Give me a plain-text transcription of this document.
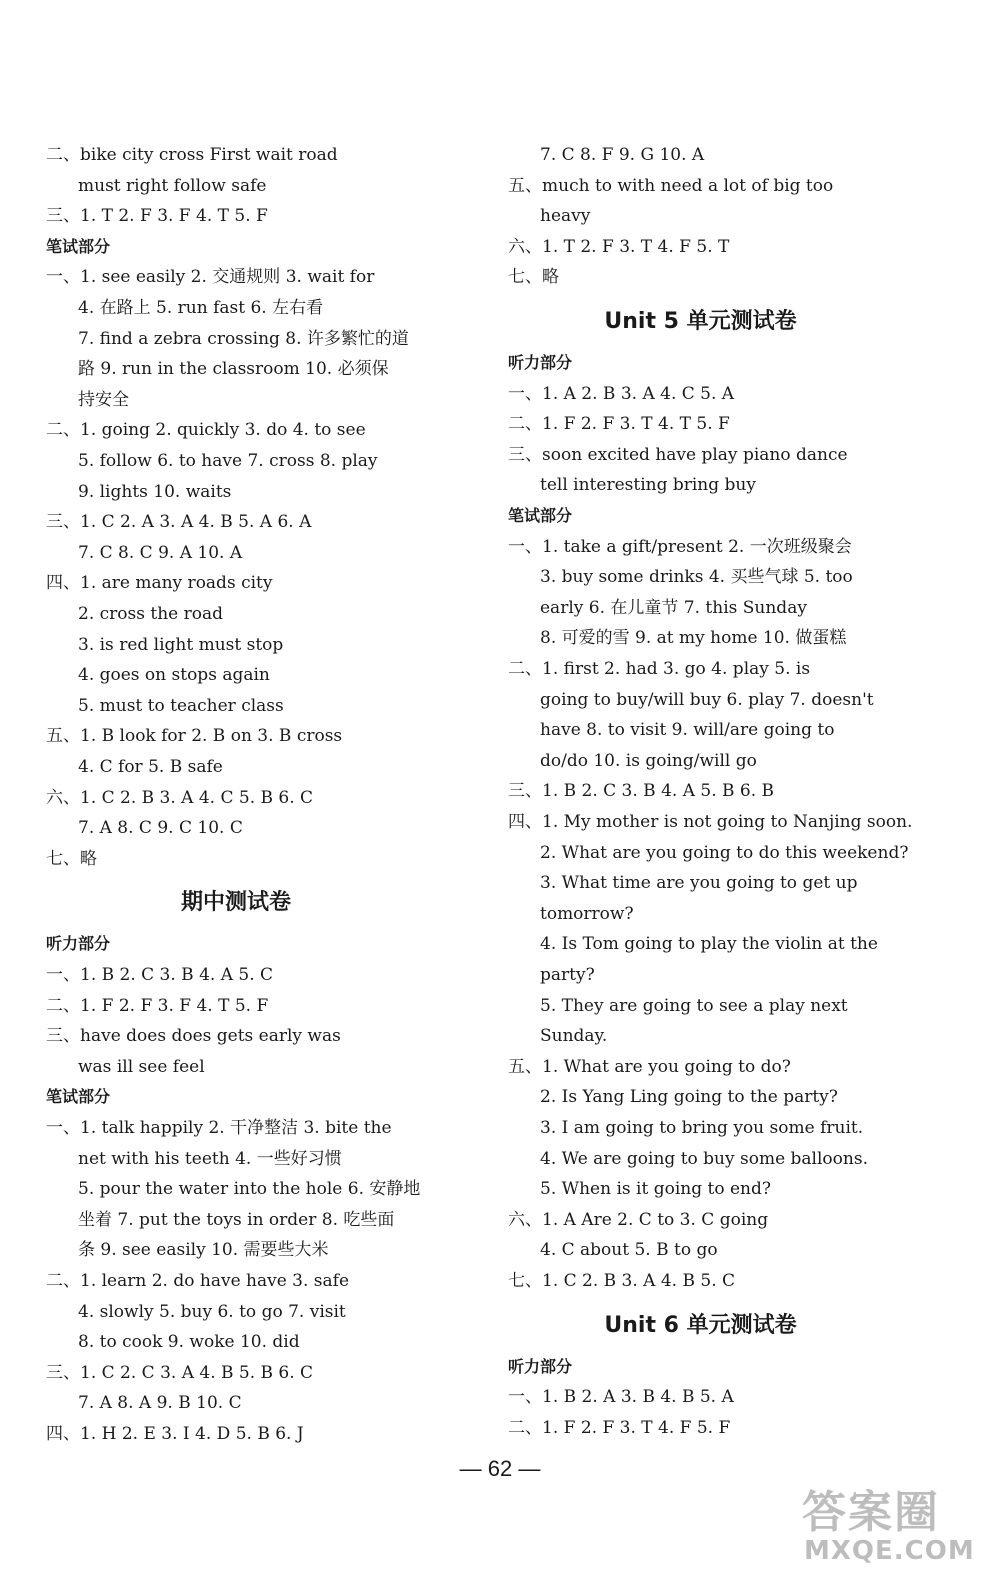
二、bike city cross First wait road
must right follow safe
三、1. T 2. F 3. F 4. T 5. F
笔试部分
一、1. see easily 2. 交通规则 3. wait for
4. 在路上 5. run fast 6. 左右看
7. find a zebra crossing 8. 许多繁忙的道
路 9. run in the classroom 10. 必须保
持安全
二、1. going 2. quickly 3. do 4. to see
5. follow 6. to have 7. cross 8. play
9. lights 10. waits
三、1. C 2. A 3. A 4. B 5. A 6. A
7. C 8. C 9. A 10. A
四、1. are many roads city
2. cross the road
3. is red light must stop
4. goes on stops again
5. must to teacher class
五、1. B look for 2. B on 3. B cross
4. C for 5. B safe
六、1. C 2. B 3. A 4. C 5. B 6. C
7. A 8. C 9. C 10. C
七、略
期中测试卷
听力部分
一、1. B 2. C 3. B 4. A 5. C
二、1. F 2. F 3. F 4. T 5. F
三、have does does gets early was
was ill see feel
笔试部分
一、1. talk happily 2. 干净整洁 3. bite the
net with his teeth 4. 一些好习惯
5. pour the water into the hole 6. 安静地
坐着 7. put the toys in order 8. 吃些面
条 9. see easily 10. 需要些大米
二、1. learn 2. do have have 3. safe
4. slowly 5. buy 6. to go 7. visit
8. to cook 9. woke 10. did
三、1. C 2. C 3. A 4. B 5. B 6. C
7. A 8. A 9. B 10. C
四、1. H 2. E 3. I 4. D 5. B 6. J
7. C 8. F 9. G 10. A
五、much to with need a lot of big too
heavy
六、1. T 2. F 3. T 4. F 5. T
七、略
Unit 5 单元测试卷
听力部分
一、1. A 2. B 3. A 4. C 5. A
二、1. F 2. F 3. T 4. T 5. F
三、soon excited have play piano dance
tell interesting bring buy
笔试部分
一、1. take a gift/present 2. 一次班级聚会
3. buy some drinks 4. 买些气球 5. too
early 6. 在儿童节 7. this Sunday
8. 可爱的雪 9. at my home 10. 做蛋糕
二、1. first 2. had 3. go 4. play 5. is
going to buy/will buy 6. play 7. doesn't
have 8. to visit 9. will/are going to
do/do 10. is going/will go
三、1. B 2. C 3. B 4. A 5. B 6. B
四、1. My mother is not going to Nanjing soon.
2. What are you going to do this weekend?
3. What time are you going to get up
tomorrow?
4. Is Tom going to play the violin at the
party?
5. They are going to see a play next
Sunday.
五、1. What are you going to do?
2. Is Yang Ling going to the party?
3. I am going to bring you some fruit.
4. We are going to buy some balloons.
5. When is it going to end?
六、1. A Are 2. C to 3. C going
4. C about 5. B to go
七、1. C 2. B 3. A 4. B 5. C
Unit 6 单元测试卷
听力部分
一、1. B 2. A 3. B 4. B 5. A
二、1. F 2. F 3. T 4. F 5. F
— 62 —
答案圈
MXQE.COM
